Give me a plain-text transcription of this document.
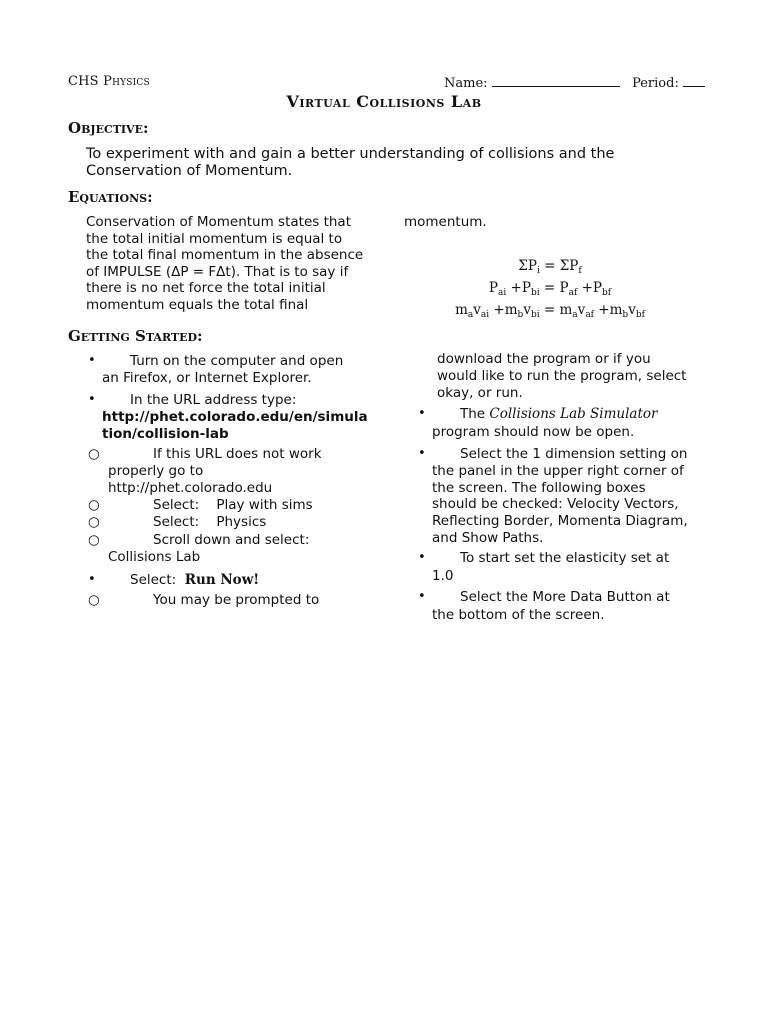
CHS Physics	Name:	Period:
Virtual Collisions Lab
Objective:
To experiment with and gain a better understanding of collisions and the Conservation of Momentum.
Equations:
Conservation of Momentum states that
the total initial momentum is equal to
the total final momentum in the absence
of IMPULSE (ΔP = FΔt). That is to say if
there is no net force the total initial
momentum equals the total final
momentum.
$\Sigma P_i = \Sigma P_f$
$P_{ai} +P_{bi} = P_{af} +P_{bf}$
$m_av_{ai} +m_bv_{bi} = m_av_{af} +m_bv_{bf}$
Getting Started:
•	Turn on the computer and open
an Firefox, or Internet Explorer.
•	In the URL address type:
http://phet.colorado.edu/en/simula
tion/collision-lab
○	If this URL does not work
properly go to
http://phet.colorado.edu
○	Select:    Play with sims
○	Select:    Physics
○	Scroll down and select:
Collisions Lab
•	Select: Run Now!
○	You may be prompted to
download the program or if you
would like to run the program, select
okay, or run.
•	The Collisions Lab Simulator
program should now be open.
•	Select the 1 dimension setting on
the panel in the upper right corner of
the screen. The following boxes
should be checked: Velocity Vectors,
Reflecting Border, Momenta Diagram,
and Show Paths.
•	To start set the elasticity set at
1.0
•	Select the More Data Button at
the bottom of the screen.
